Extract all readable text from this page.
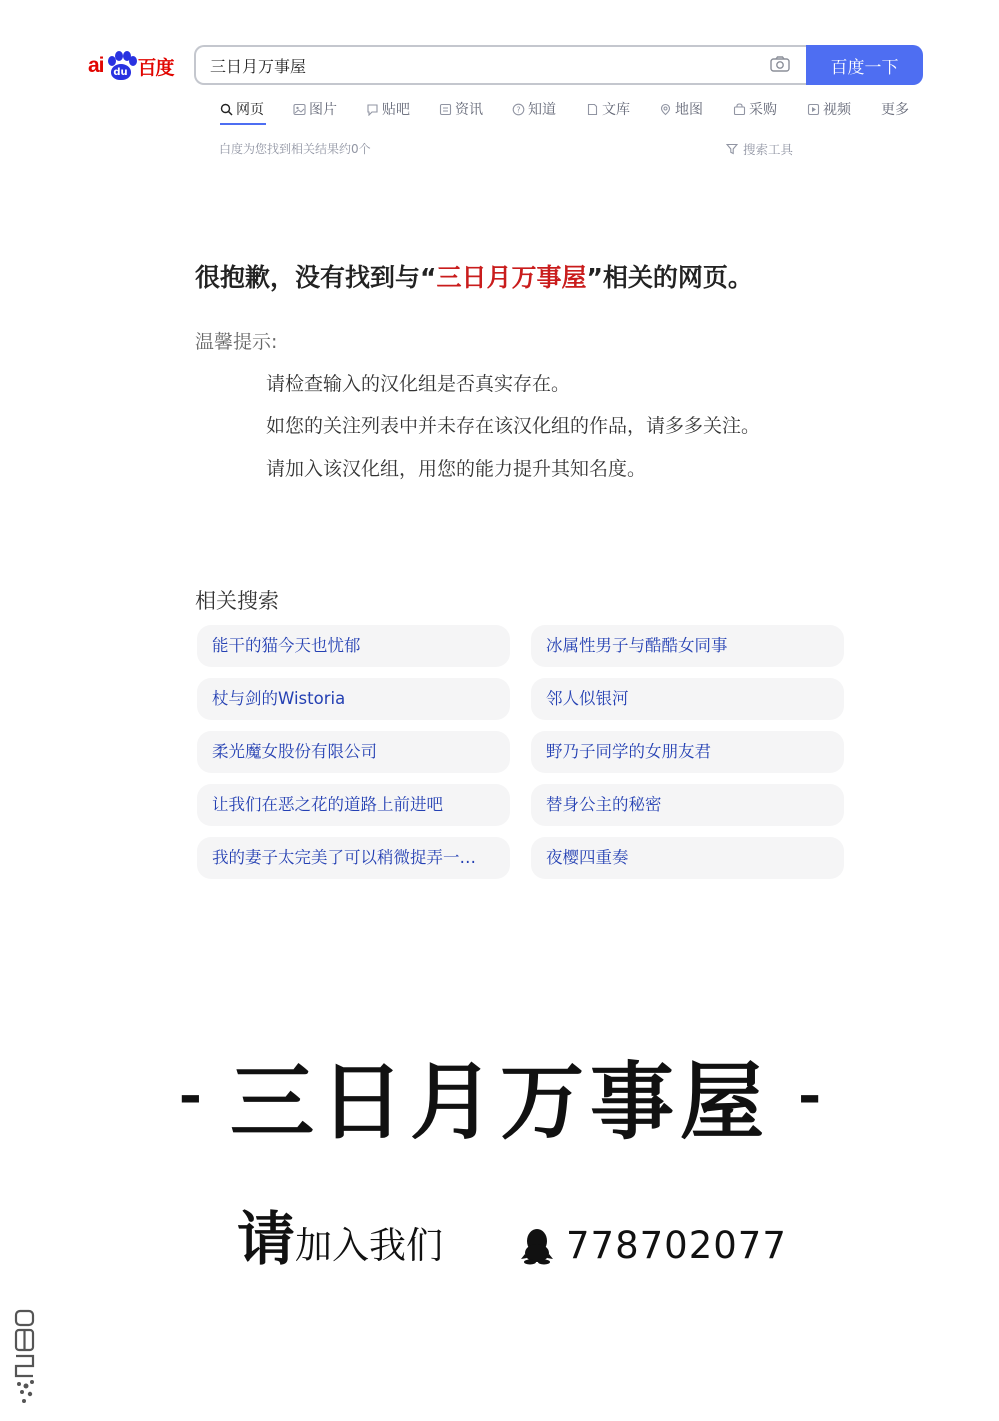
ai du 百度
三日月万事屋	百度一下
网页	图片	贴吧	资讯	? 知道	文库	地图	采购	视频 更多
白度为您找到相关结果约0个	搜索工具
很抱歉，没有找到与“三日月万事屋”相关的网页。
温馨提示:
请检查输入的汉化组是否真实存在。
如您的关注列表中并未存在该汉化组的作品，请多多关注。
请加入该汉化组，用您的能力提升其知名度。
相关搜索
能干的猫今天也忧郁	冰属性男子与酷酷女同事
杖与剑的Wistoria	邻人似银河
柔光魔女股份有限公司	野乃子同学的女朋友君
让我们在恶之花的道路上前进吧	替身公主的秘密
我的妻子太完美了可以稍微捉弄一…	夜樱四重奏
- 三日月万事屋 -
请 加入我们	778702077
